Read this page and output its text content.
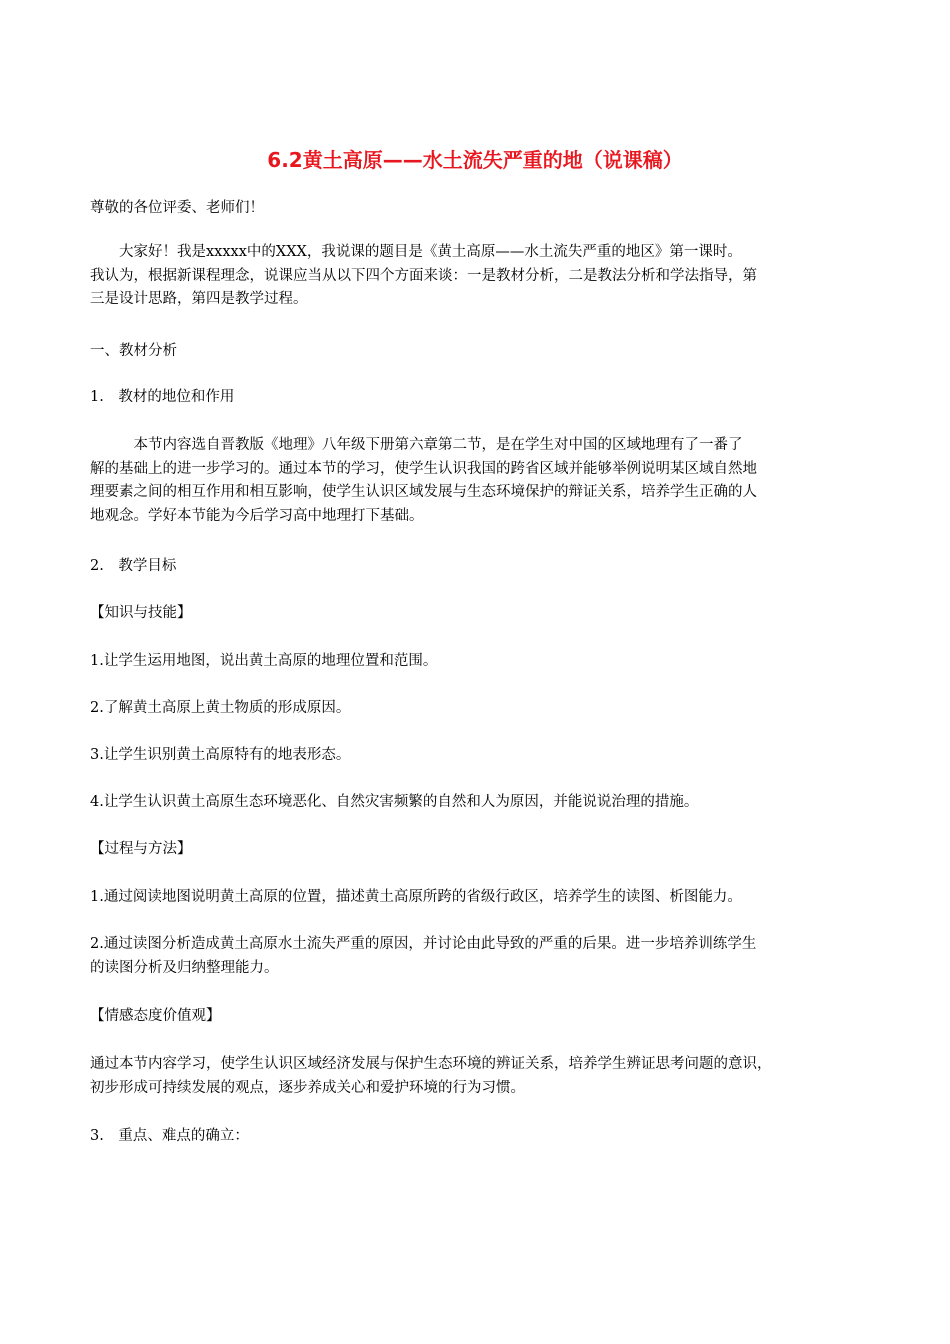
6.2黄土高原——水土流失严重的地（说课稿）

尊敬的各位评委、老师们！

　　大家好！我是xxxxx中的XXX，我说课的题目是《黄土高原——水土流失严重的地区》第一课时。
我认为，根据新课程理念，说课应当从以下四个方面来谈：一是教材分析，二是教法分析和学法指导，第
三是设计思路，第四是教学过程。

一、教材分析

1.　教材的地位和作用

　　　本节内容选自晋教版《地理》八年级下册第六章第二节，是在学生对中国的区域地理有了一番了
解的基础上的进一步学习的。通过本节的学习，使学生认识我国的跨省区域并能够举例说明某区域自然地
理要素之间的相互作用和相互影响，使学生认识区域发展与生态环境保护的辩证关系，培养学生正确的人
地观念。学好本节能为今后学习高中地理打下基础。

2.　教学目标

【知识与技能】

1.让学生运用地图，说出黄土高原的地理位置和范围。

2.了解黄土高原上黄土物质的形成原因。

3.让学生识别黄土高原特有的地表形态。

4.让学生认识黄土高原生态环境恶化、自然灾害频繁的自然和人为原因，并能说说治理的措施。

【过程与方法】

1.通过阅读地图说明黄土高原的位置，描述黄土高原所跨的省级行政区，培养学生的读图、析图能力。

2.通过读图分析造成黄土高原水土流失严重的原因，并讨论由此导致的严重的后果。进一步培养训练学生
的读图分析及归纳整理能力。

【情感态度价值观】

通过本节内容学习，使学生认识区域经济发展与保护生态环境的辨证关系，培养学生辨证思考问题的意识，
初步形成可持续发展的观点，逐步养成关心和爱护环境的行为习惯。

3.　重点、难点的确立：
